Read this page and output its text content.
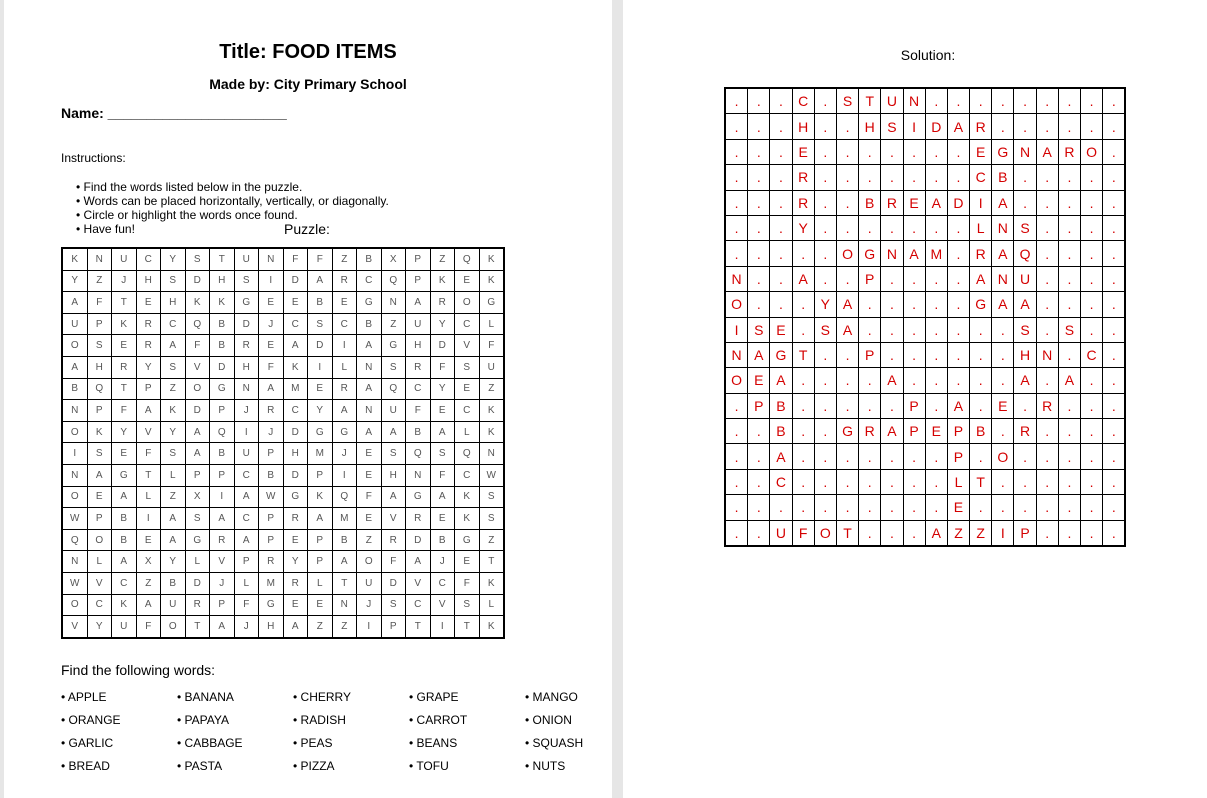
Title: FOOD ITEMS
Made by: City Primary School
Name: _______________________
Instructions:
• Find the words listed below in the puzzle.
• Words can be placed horizontally, vertically, or diagonally.
• Circle or highlight the words once found.
• Have fun!	Puzzle:
K	N	U	C	Y	S	T	U	N	F	F	Z	B	X	P	Z	Q	K
Y	Z	J	H	S	D	H	S	I	D	A	R	C	Q	P	K	E	K
A	F	T	E	H	K	K	G	E	E	B	E	G	N	A	R	O	G
U	P	K	R	C	Q	B	D	J	C	S	C	B	Z	U	Y	C	L
O	S	E	R	A	F	B	R	E	A	D	I	A	G	H	D	V	F
A	H	R	Y	S	V	D	H	F	K	I	L	N	S	R	F	S	U
B	Q	T	P	Z	O	G	N	A	M	E	R	A	Q	C	Y	E	Z
N	P	F	A	K	D	P	J	R	C	Y	A	N	U	F	E	C	K
O	K	Y	V	Y	A	Q	I	J	D	G	G	A	A	B	A	L	K
I	S	E	F	S	A	B	U	P	H	M	J	E	S	Q	S	Q	N
N	A	G	T	L	P	P	C	B	D	P	I	E	H	N	F	C	W
O	E	A	L	Z	X	I	A	W	G	K	Q	F	A	G	A	K	S
W	P	B	I	A	S	A	C	P	R	A	M	E	V	R	E	K	S
Q	O	B	E	A	G	R	A	P	E	P	B	Z	R	D	B	G	Z
N	L	A	X	Y	L	V	P	R	Y	P	A	O	F	A	J	E	T
W	V	C	Z	B	D	J	L	M	R	L	T	U	D	V	C	F	K
O	C	K	A	U	R	P	F	G	E	E	N	J	S	C	V	S	L
V	Y	U	F	O	T	A	J	H	A	Z	Z	I	P	T	I	T	K
Find the following words:
• APPLE	• BANANA	• CHERRY	• GRAPE	• MANGO
• ORANGE	• PAPAYA	• RADISH	• CARROT	• ONION
• GARLIC	• CABBAGE	• PEAS	• BEANS	• SQUASH
• BREAD	• PASTA	• PIZZA	• TOFU	• NUTS
Solution:
.	.	.	C	.	S	T	U	N	.	.	.	.	.	.	.	.	.
.	.	.	H	.	.	H	S	I	D	A	R	.	.	.	.	.	.
.	.	.	E	.	.	.	.	.	.	.	E	G	N	A	R	O	.
.	.	.	R	.	.	.	.	.	.	.	C	B	.	.	.	.	.
.	.	.	R	.	.	B	R	E	A	D	I	A	.	.	.	.	.
.	.	.	Y	.	.	.	.	.	.	.	L	N	S	.	.	.	.
.	.	.	.	.	O	G	N	A	M	.	R	A	Q	.	.	.	.
N	.	.	A	.	.	P	.	.	.	.	A	N	U	.	.	.	.
O	.	.	.	Y	A	.	.	.	.	.	G	A	A	.	.	.	.
I	S	E	.	S	A	.	.	.	.	.	.	.	S	.	S	.	.
N	A	G	T	.	.	P	.	.	.	.	.	.	H	N	.	C	.
O	E	A	.	.	.	.	A	.	.	.	.	.	A	.	A	.	.
.	P	B	.	.	.	.	.	P	.	A	.	E	.	R	.	.	.
.	.	B	.	.	G	R	A	P	E	P	B	.	R	.	.	.	.
.	.	A	.	.	.	.	.	.	.	P	.	O	.	.	.	.	.
.	.	C	.	.	.	.	.	.	.	L	T	.	.	.	.	.	.
.	.	.	.	.	.	.	.	.	.	E	.	.	.	.	.	.	.
.	.	U	F	O	T	.	.	.	A	Z	Z	I	P	.	.	.	.
